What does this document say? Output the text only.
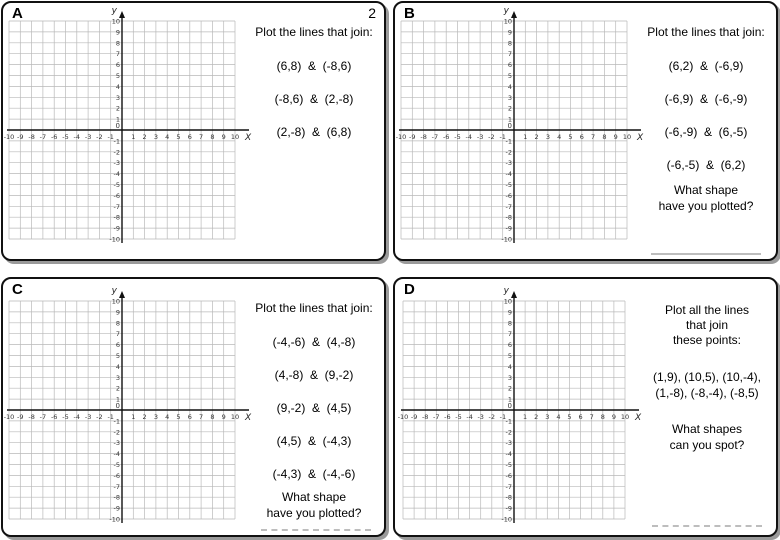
A	2
X
y
0
-10 -9 -8 -7 -6 -5 -4 -3 -2 -1	1 2 3 4 5 6 7 8 9 10
10
9
8
7
6
5
4
3
2
1
-1
-2
-3
-4
-5
-6
-7
-8
-9
-10
Plot the lines that join:
(6,8)  &  (-8,6)
(-8,6)  &  (2,-8)
(2,-8)  &  (6,8)
B
X
y
0
-10 -9 -8 -7 -6 -5 -4 -3 -2 -1	1 2 3 4 5 6 7 8 9 10
10
9
8
7
6
5
4
3
2
1
-1
-2
-3
-4
-5
-6
-7
-8
-9
-10
Plot the lines that join:
(6,2)  &  (-6,9)
(-6,9)  &  (-6,-9)
(-6,-9)  &  (6,-5)
(-6,-5)  &  (6,2)
What shape
have you plotted?
C
X
y
0
-10 -9 -8 -7 -6 -5 -4 -3 -2 -1	1 2 3 4 5 6 7 8 9 10
10
9
8
7
6
5
4
3
2
1
-1
-2
-3
-4
-5
-6
-7
-8
-9
-10
Plot the lines that join:
(-4,-6)  &  (4,-8)
(4,-8)  &  (9,-2)
(9,-2)  &  (4,5)
(4,5)  &  (-4,3)
(-4,3)  &  (-4,-6)
What shape
have you plotted?
D
X
y
0
-10 -9 -8 -7 -6 -5 -4 -3 -2 -1	1 2 3 4 5 6 7 8 9 10
10
9
8
7
6
5
4
3
2
1
-1
-2
-3
-4
-5
-6
-7
-8
-9
-10
Plot all the lines
that join
these points:
(1,9), (10,5), (10,-4),
(1,-8), (-8,-4), (-8,5)
What shapes
can you spot?
